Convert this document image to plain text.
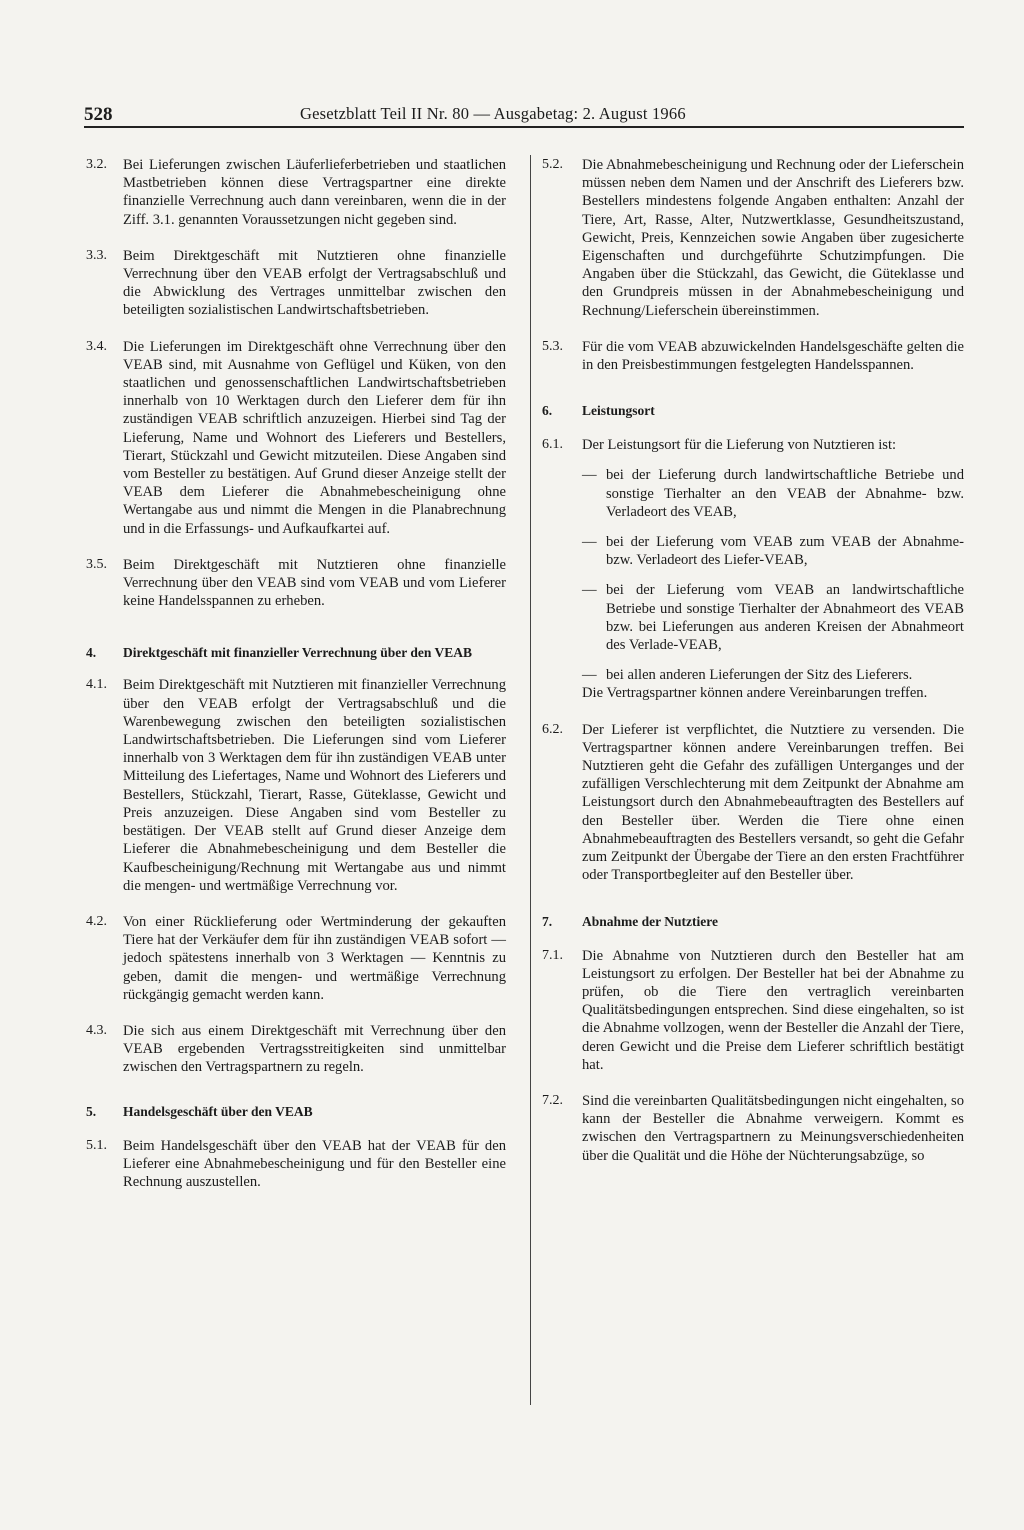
528	Gesetzblatt Teil II Nr. 80 — Ausgabetag: 2. August 1966
3.2.	Bei Lieferungen zwischen Läuferlieferbetrieben und staatlichen Mastbetrieben können diese Vertragspartner eine direkte finanzielle Verrechnung auch dann vereinbaren, wenn die in der Ziff. 3.1. genannten Voraussetzungen nicht gegeben sind.

3.3.	Beim Direktgeschäft mit Nutztieren ohne finanzielle Verrechnung über den VEAB erfolgt der Vertragsabschluß und die Abwicklung des Vertrages unmittelbar zwischen den beteiligten sozialistischen Landwirtschaftsbetrieben.

3.4.	Die Lieferungen im Direktgeschäft ohne Verrechnung über den VEAB sind, mit Ausnahme von Geflügel und Küken, von den staatlichen und genossenschaftlichen Landwirtschaftsbetrieben innerhalb von 10 Werktagen durch den Lieferer dem für ihn zuständigen VEAB schriftlich anzuzeigen. Hierbei sind Tag der Lieferung, Name und Wohnort des Lieferers und Bestellers, Tierart, Stückzahl und Gewicht mitzuteilen. Diese Angaben sind vom Besteller zu bestätigen. Auf Grund dieser Anzeige stellt der VEAB dem Lieferer die Abnahmebescheinigung ohne Wertangabe aus und nimmt die Mengen in die Planabrechnung und in die Erfassungs- und Aufkaufkartei auf.

3.5.	Beim Direktgeschäft mit Nutztieren ohne finanzielle Verrechnung über den VEAB sind vom VEAB und vom Lieferer keine Handelsspannen zu erheben.

4.	Direktgeschäft mit finanzieller Verrechnung über den VEAB
4.1.	Beim Direktgeschäft mit Nutztieren mit finanzieller Verrechnung über den VEAB erfolgt der Vertragsabschluß und die Warenbewegung zwischen den beteiligten sozialistischen Landwirtschaftsbetrieben. Die Lieferungen sind vom Lieferer innerhalb von 3 Werktagen dem für ihn zuständigen VEAB unter Mitteilung des Liefertages, Name und Wohnort des Lieferers und Bestellers, Stückzahl, Tierart, Rasse, Güteklasse, Gewicht und Preis anzuzeigen. Diese Angaben sind vom Besteller zu bestätigen. Der VEAB stellt auf Grund dieser Anzeige dem Lieferer die Abnahmebescheinigung und dem Besteller die Kaufbescheinigung/Rechnung mit Wertangabe aus und nimmt die mengen- und wertmäßige Verrechnung vor.

4.2.	Von einer Rücklieferung oder Wertminderung der gekauften Tiere hat der Verkäufer dem für ihn zuständigen VEAB sofort — jedoch spätestens innerhalb von 3 Werktagen — Kenntnis zu geben, damit die mengen- und wertmäßige Verrechnung rückgängig gemacht werden kann.

4.3.	Die sich aus einem Direktgeschäft mit Verrechnung über den VEAB ergebenden Vertragsstreitigkeiten sind unmittelbar zwischen den Vertragspartnern zu regeln.

5.	Handelsgeschäft über den VEAB
5.1.	Beim Handelsgeschäft über den VEAB hat der VEAB für den Lieferer eine Abnahmebescheinigung und für den Besteller eine Rechnung auszustellen.

5.2.	Die Abnahmebescheinigung und Rechnung oder der Lieferschein müssen neben dem Namen und der Anschrift des Lieferers bzw. Bestellers mindestens folgende Angaben enthalten: Anzahl der Tiere, Art, Rasse, Alter, Nutzwertklasse, Gesundheitszustand, Gewicht, Preis, Kennzeichen sowie Angaben über zugesicherte Eigenschaften und durchgeführte Schutzimpfungen. Die Angaben über die Stückzahl, das Gewicht, die Güteklasse und den Grundpreis müssen in der Abnahmebescheinigung und Rechnung/Lieferschein übereinstimmen.

5.3.	Für die vom VEAB abzuwickelnden Handelsgeschäfte gelten die in den Preisbestimmungen festgelegten Handelsspannen.

6.	Leistungsort
6.1.	Der Leistungsort für die Lieferung von Nutztieren ist:

— bei der Lieferung durch landwirtschaftliche Betriebe und sonstige Tierhalter an den VEAB der Abnahme- bzw. Verladeort des VEAB,

— bei der Lieferung vom VEAB zum VEAB der Abnahme- bzw. Verladeort des Liefer-VEAB,

— bei der Lieferung vom VEAB an landwirtschaftliche Betriebe und sonstige Tierhalter der Abnahmeort des VEAB bzw. bei Lieferungen aus anderen Kreisen der Abnahmeort des Verlade-VEAB,

— bei allen anderen Lieferungen der Sitz des Lieferers.

Die Vertragspartner können andere Vereinbarungen treffen.

6.2.	Der Lieferer ist verpflichtet, die Nutztiere zu versenden. Die Vertragspartner können andere Vereinbarungen treffen. Bei Nutztieren geht die Gefahr des zufälligen Unterganges und der zufälligen Verschlechterung mit dem Zeitpunkt der Abnahme am Leistungsort durch den Abnahmebeauftragten des Bestellers auf den Besteller über. Werden die Tiere ohne einen Abnahmebeauftragten des Bestellers versandt, so geht die Gefahr zum Zeitpunkt der Übergabe der Tiere an den ersten Frachtführer oder Transportbegleiter auf den Besteller über.

7.	Abnahme der Nutztiere
7.1.	Die Abnahme von Nutztieren durch den Besteller hat am Leistungsort zu erfolgen. Der Besteller hat bei der Abnahme zu prüfen, ob die Tiere den vertraglich vereinbarten Qualitätsbedingungen entsprechen. Sind diese eingehalten, so ist die Abnahme vollzogen, wenn der Besteller die Anzahl der Tiere, deren Gewicht und die Preise dem Lieferer schriftlich bestätigt hat.

7.2.	Sind die vereinbarten Qualitätsbedingungen nicht eingehalten, so kann der Besteller die Abnahme verweigern. Kommt es zwischen den Vertragspartnern zu Meinungsverschiedenheiten über die Qualität und die Höhe der Nüchterungsabzüge, so
